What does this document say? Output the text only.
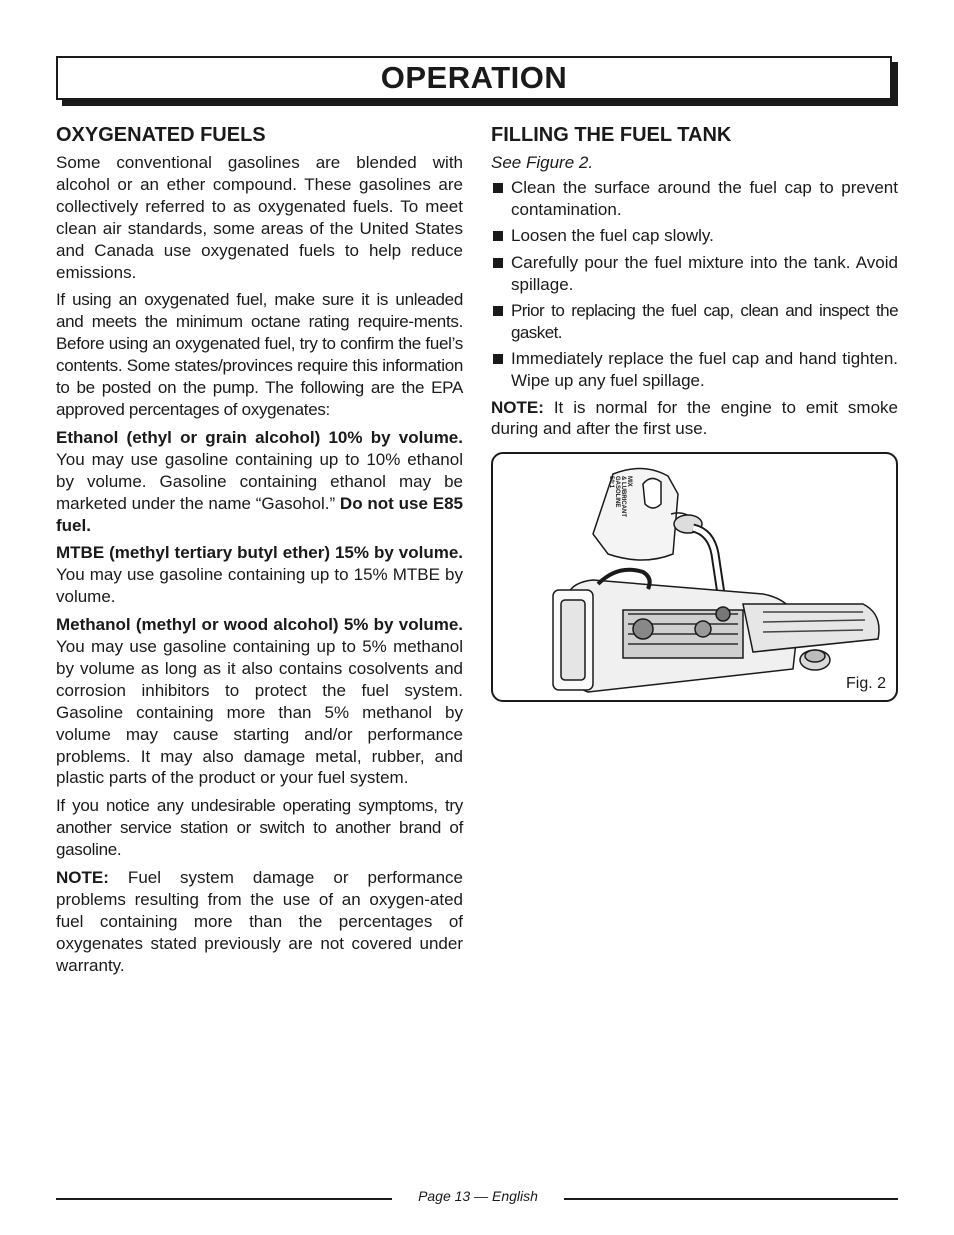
OPERATION
OXYGENATED FUELS

Some conventional gasolines are blended with alcohol or an ether compound. These gasolines are collectively referred to as oxygenated fuels. To meet clean air standards, some areas of the United States and Canada use oxygenated fuels to help reduce emissions.

If using an oxygenated fuel, make sure it is unleaded and meets the minimum octane rating require-ments. Before using an oxygenated fuel, try to confirm the fuel’s contents. Some states/provinces require this information to be posted on the pump. The following are the EPA approved percentages of oxygenates:

Ethanol (ethyl or grain alcohol) 10% by volume. You may use gasoline containing up to 10% ethanol by volume. Gasoline containing ethanol may be marketed under the name “Gasohol.” Do not use E85 fuel.

MTBE (methyl tertiary butyl ether) 15% by volume. You may use gasoline containing up to 15% MTBE by volume.

Methanol (methyl or wood alcohol) 5% by volume. You may use gasoline containing up to 5% methanol by volume as long as it also contains cosolvents and corrosion inhibitors to protect the fuel system. Gasoline containing more than 5% methanol by volume may cause starting and/or performance problems. It may also damage metal, rubber, and plastic parts of the product or your fuel system.

If you notice any undesirable operating symptoms, try another service station or switch to another brand of gasoline.

NOTE: Fuel system damage or performance problems resulting from the use of an oxygen-ated fuel containing more than the percentages of oxygenates stated previously are not covered under warranty.

FILLING THE FUEL TANK
See Figure 2.
Clean the surface around the fuel cap to prevent contamination.
Loosen the fuel cap slowly.
Carefully pour the fuel mixture into the tank. Avoid spillage.
Prior to replacing the fuel cap, clean and inspect the gasket.
Immediately replace the fuel cap and hand tighten. Wipe up any fuel spillage.

NOTE: It is normal for the engine to emit smoke during and after the first use.

50:1 GASOLINE & LUBRICANT MIX
Fig. 2
Page 13 — English
